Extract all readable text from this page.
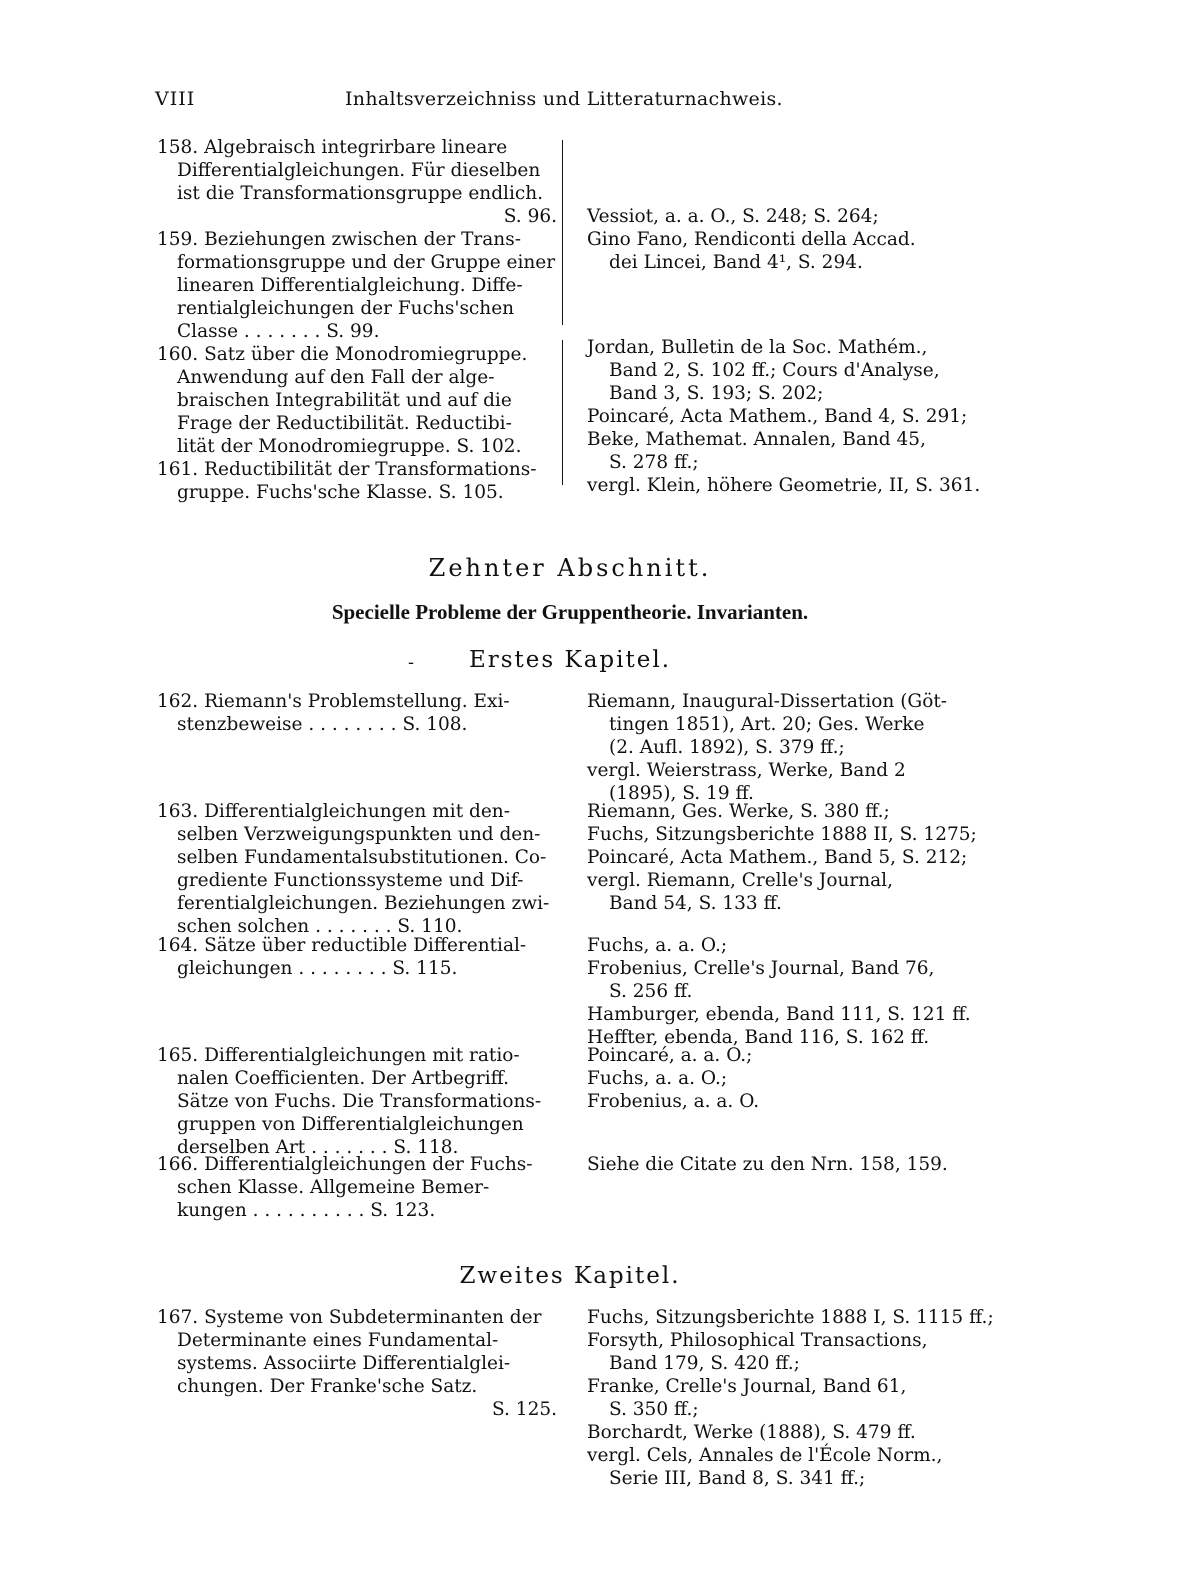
VIII	Inhaltsverzeichniss und Litteraturnachweis.
158. Algebraisch integrirbare lineare
Differentialgleichungen. Für dieselben
ist die Transformationsgruppe endlich.
S. 96.
159. Beziehungen zwischen der Trans-
formationsgruppe und der Gruppe einer
linearen Differentialgleichung. Diffe-
rentialgleichungen der Fuchs'schen
Classe . . . . . . . S. 99.
160. Satz über die Monodromiegruppe.
Anwendung auf den Fall der alge-
braischen Integrabilität und auf die
Frage der Reductibilität. Reductibi-
lität der Monodromiegruppe. S. 102.
161. Reductibilität der Transformations-
gruppe. Fuchs'sche Klasse. S. 105.
Vessiot, a. a. O., S. 248; S. 264;
Gino Fano, Rendiconti della Accad.
dei Lincei, Band 4¹, S. 294.
Jordan, Bulletin de la Soc. Mathém.,
Band 2, S. 102 ff.; Cours d'Analyse,
Band 3, S. 193; S. 202;
Poincaré, Acta Mathem., Band 4, S. 291;
Beke, Mathemat. Annalen, Band 45,
S. 278 ff.;
vergl. Klein, höhere Geometrie, II, S. 361.
Zehnter Abschnitt.
Specielle Probleme der Gruppentheorie. Invarianten.
-	Erstes Kapitel.
162. Riemann's Problemstellung. Exi-
stenzbeweise . . . . . . . . S. 108.
163. Differentialgleichungen mit den-
selben Verzweigungspunkten und den-
selben Fundamentalsubstitutionen. Co-
grediente Functionssysteme und Dif-
ferentialgleichungen. Beziehungen zwi-
schen solchen . . . . . . . S. 110.
164. Sätze über reductible Differential-
gleichungen . . . . . . . . S. 115.
165. Differentialgleichungen mit ratio-
nalen Coefficienten. Der Artbegriff.
Sätze von Fuchs. Die Transformations-
gruppen von Differentialgleichungen
derselben Art . . . . . . . S. 118.
166. Differentialgleichungen der Fuchs-
schen Klasse. Allgemeine Bemer-
kungen . . . . . . . . . . S. 123.
Riemann, Inaugural-Dissertation (Göt-
tingen 1851), Art. 20; Ges. Werke
(2. Aufl. 1892), S. 379 ff.;
vergl. Weierstrass, Werke, Band 2
(1895), S. 19 ff.
Riemann, Ges. Werke, S. 380 ff.;
Fuchs, Sitzungsberichte 1888 II, S. 1275;
Poincaré, Acta Mathem., Band 5, S. 212;
vergl. Riemann, Crelle's Journal,
Band 54, S. 133 ff.
Fuchs, a. a. O.;
Frobenius, Crelle's Journal, Band 76,
S. 256 ff.
Hamburger, ebenda, Band 111, S. 121 ff.
Heffter, ebenda, Band 116, S. 162 ff.
Poincaré, a. a. O.;
Fuchs, a. a. O.;
Frobenius, a. a. O.
Siehe die Citate zu den Nrn. 158, 159.
Zweites Kapitel.
167. Systeme von Subdeterminanten der
Determinante eines Fundamental-
systems. Associirte Differentialglei-
chungen. Der Franke'sche Satz.
S. 125.
Fuchs, Sitzungsberichte 1888 I, S. 1115 ff.;
Forsyth, Philosophical Transactions,
Band 179, S. 420 ff.;
Franke, Crelle's Journal, Band 61,
S. 350 ff.;
Borchardt, Werke (1888), S. 479 ff.
vergl. Cels, Annales de l'École Norm.,
Serie III, Band 8, S. 341 ff.;
